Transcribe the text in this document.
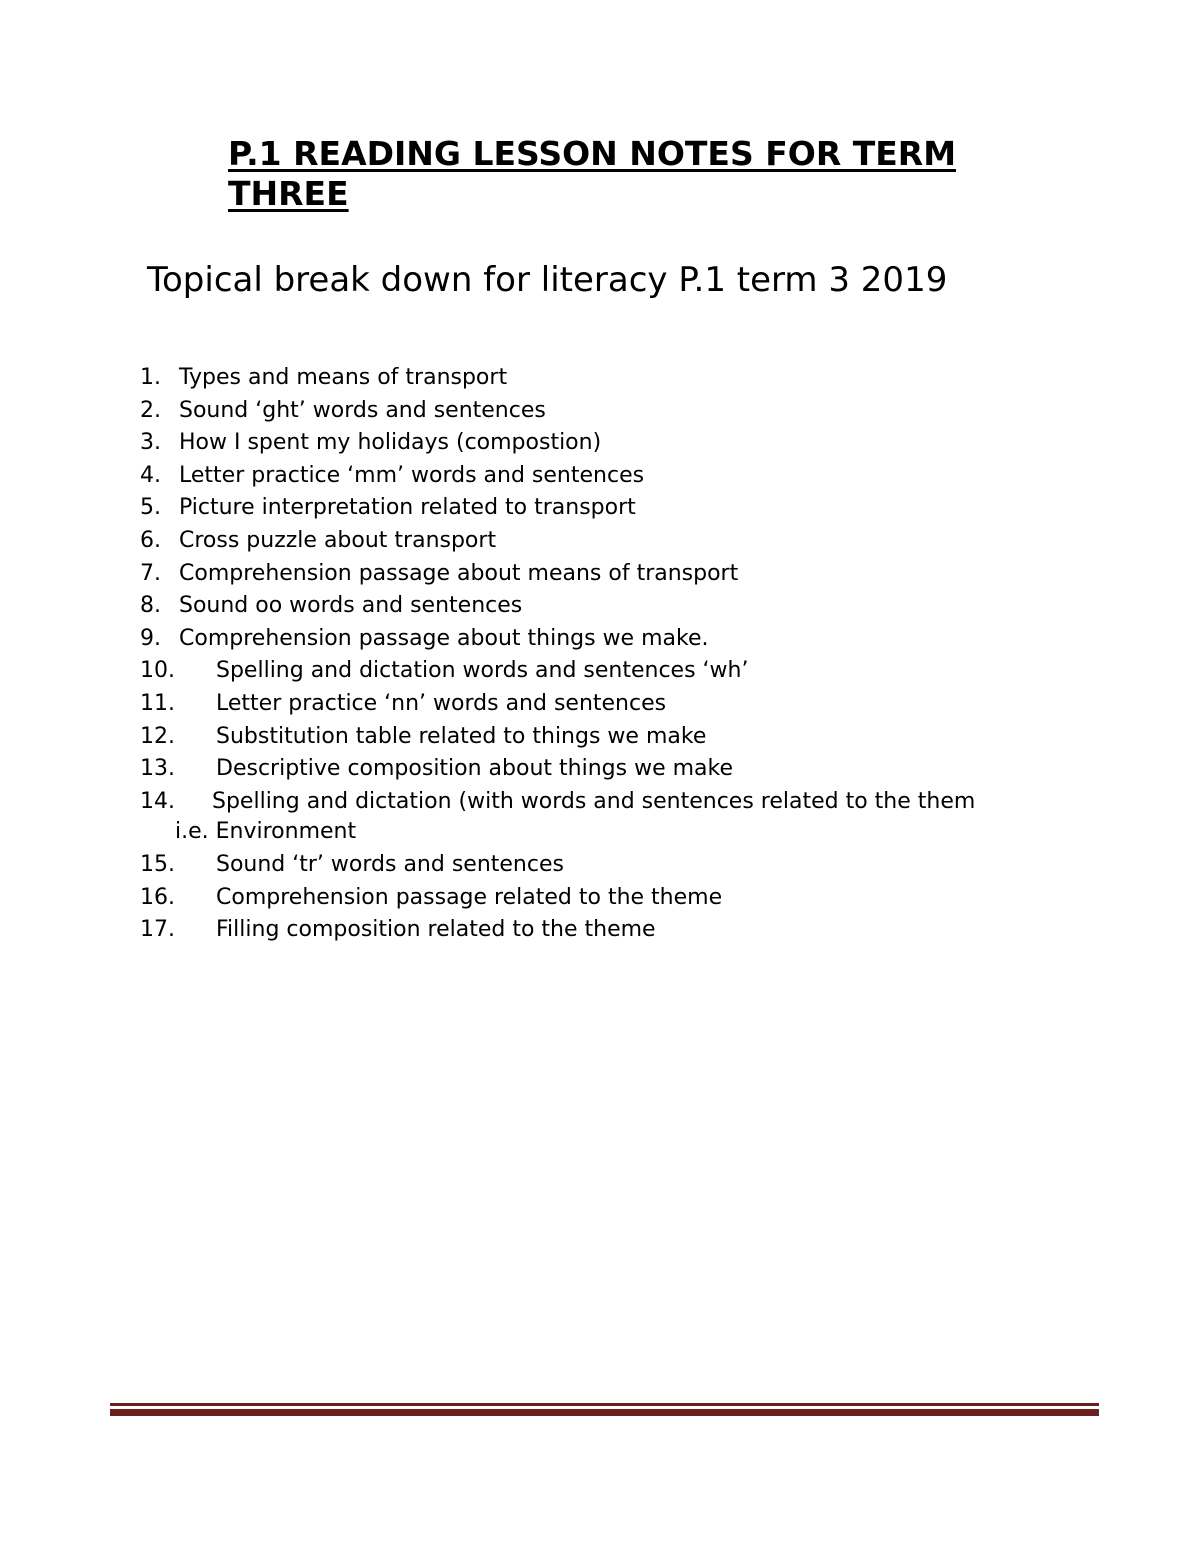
P.1 READING LESSON NOTES FOR TERM THREE

Topical break down for literacy P.1 term 3 2019

1. Types and means of transport
2. Sound ‘ght’ words and sentences
3. How I spent my holidays (compostion)
4. Letter practice ‘mm’ words and sentences
5. Picture interpretation related to transport
6. Cross puzzle about transport
7. Comprehension passage about means of transport
8. Sound oo words and sentences
9. Comprehension passage about things we make.
10. Spelling and dictation words and sentences ‘wh’
11. Letter practice ‘nn’ words and sentences
12. Substitution table related to things we make
13. Descriptive composition about things we make
14. Spelling and dictation (with words and sentences related to the them
i.e. Environment
15. Sound ‘tr’ words and sentences
16. Comprehension passage related to the theme
17. Filling composition related to the theme
